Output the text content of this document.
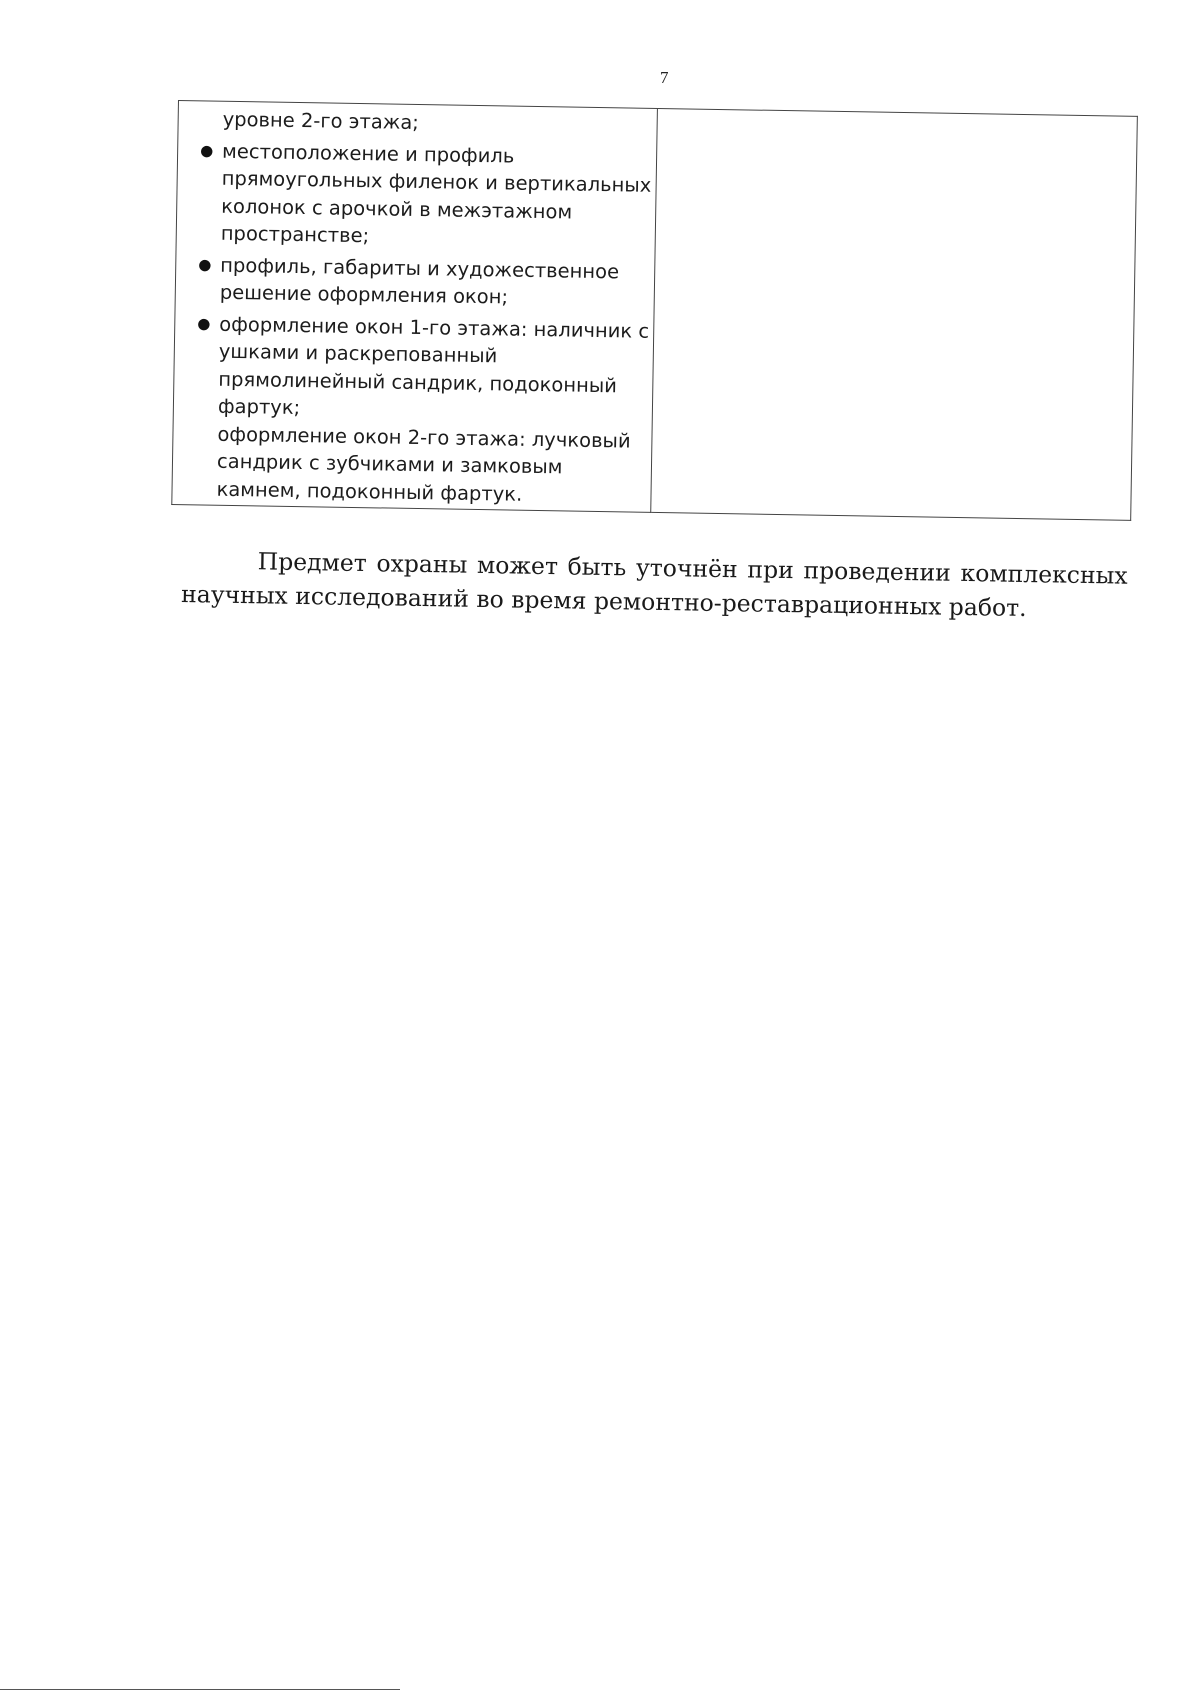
7
уровне 2-го этажа;
● местоположение и профиль
прямоугольных филенок и вертикальных
колонок с арочкой в межэтажном
пространстве;
● профиль, габариты и художественное
решение оформления окон;
● оформление окон 1-го этажа: наличник с
ушками и раскрепованный
прямолинейный сандрик, подоконный
фартук;
оформление окон 2-го этажа: лучковый
сандрик с зубчиками и замковым
камнем, подоконный фартук.

Предмет охраны может быть уточнён при проведении комплексных
научных исследований во время ремонтно-реставрационных работ.
